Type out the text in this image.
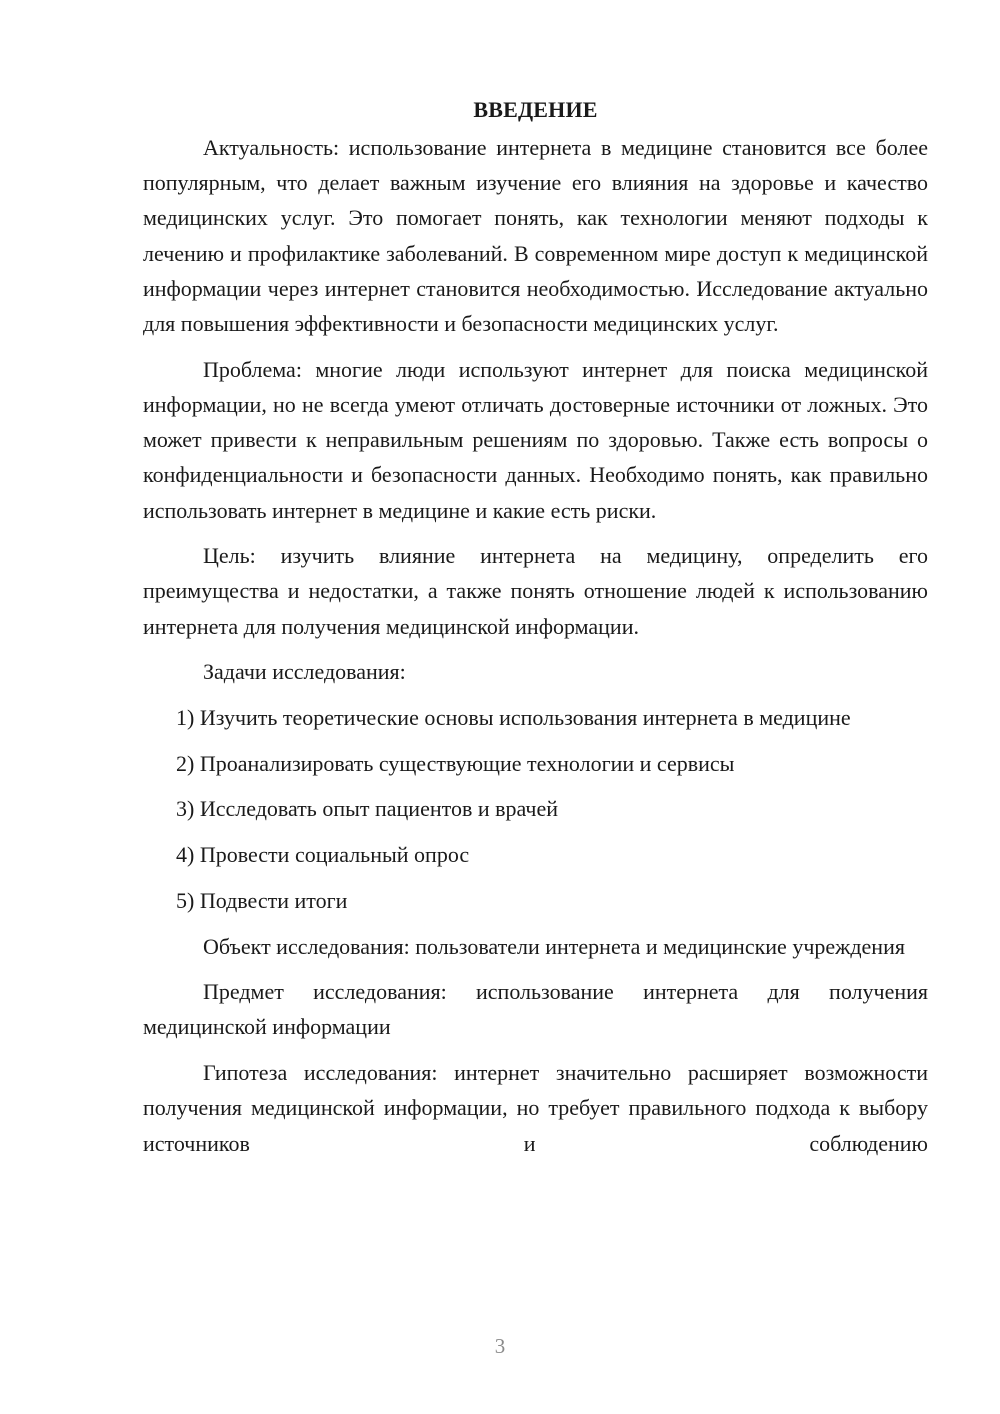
ВВЕДЕНИЕ

Актуальность: использование интернета в медицине становится все более популярным, что делает важным изучение его влияния на здоровье и качество медицинских услуг. Это помогает понять, как технологии меняют подходы к лечению и профилактике заболеваний. В современном мире доступ к медицинской информации через интернет становится необходимостью. Исследование актуально для повышения эффективности и безопасности медицинских услуг.

Проблема: многие люди используют интернет для поиска медицинской информации, но не всегда умеют отличать достоверные источники от ложных. Это может привести к неправильным решениям по здоровью. Также есть вопросы о конфиденциальности и безопасности данных. Необходимо понять, как правильно использовать интернет в медицине и какие есть риски.

Цель: изучить влияние интернета на медицину, определить его преимущества и недостатки, а также понять отношение людей к использованию интернета для получения медицинской информации.

Задачи исследования:

1) Изучить теоретические основы использования интернета в медицине

2) Проанализировать существующие технологии и сервисы

3) Исследовать опыт пациентов и врачей

4) Провести социальный опрос

5) Подвести итоги

Объект исследования: пользователи интернета и медицинские учреждения

Предмет исследования: использование интернета для получения медицинской информации

Гипотеза исследования: интернет значительно расширяет возможности получения медицинской информации, но требует правильного подхода к выбору источников и соблюдению

3
